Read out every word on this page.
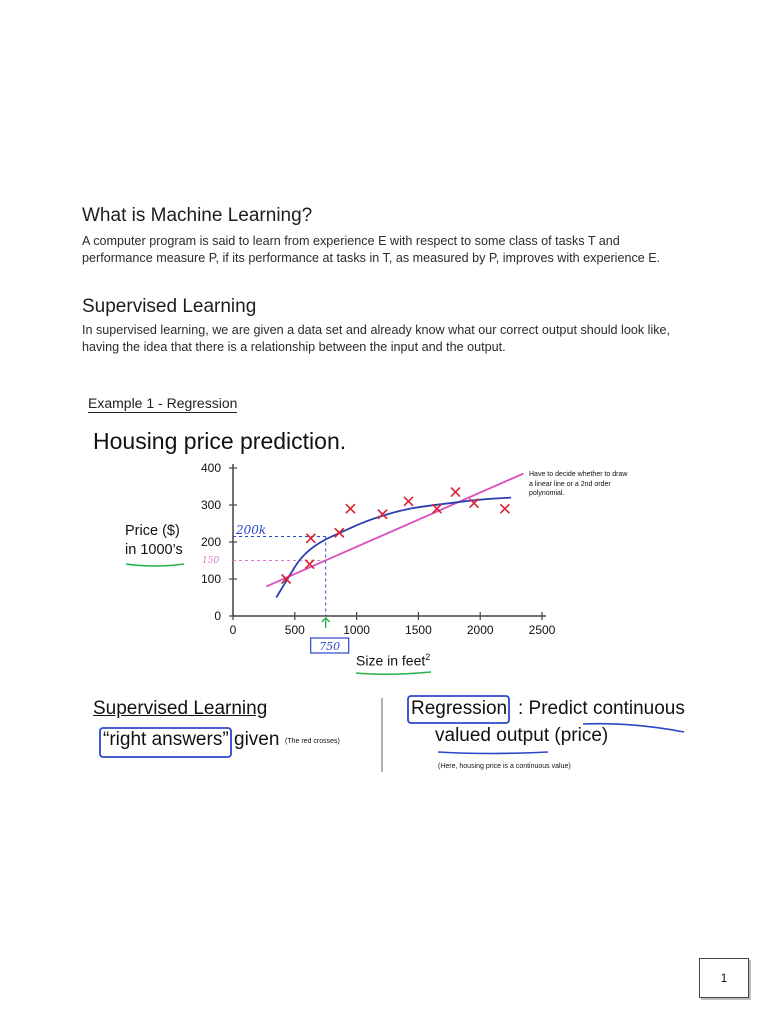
What is Machine Learning?

A computer program is said to learn from experience E with respect to some class of tasks T and performance measure P, if its performance at tasks in T, as measured by P, improves with experience E.

Supervised Learning

In supervised learning, we are given a data set and already know what our correct output should look like, having the idea that there is a relationship between the input and the output.

Example 1 - Regression
0
100
200
300
400
0	500	1000	1500	2000	2500
200k
150
750
Housing price prediction.
Price ($)
in 1000’s
Size in feet$^2$
Have to decide whether to draw a linear line or a 2nd order polynomial.
Supervised Learning
“right answers” given (The red crosses)
Regression : Predict continuous
valued output (price)
(Here, housing price is a continuous value)
1
